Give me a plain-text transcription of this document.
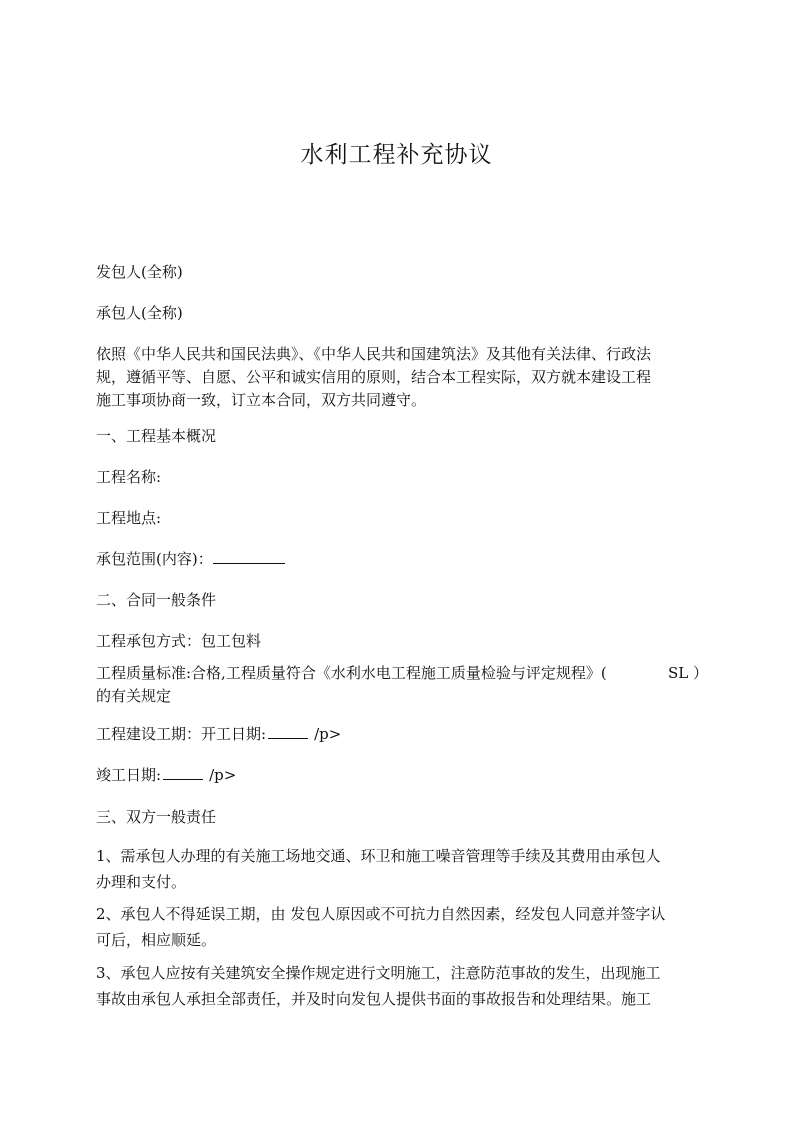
水利工程补充协议
发包人(全称)
承包人(全称)
依照《中华人民共和国民法典》、《中华人民共和国建筑法》及其他有关法律、行政法
规，遵循平等、自愿、公平和诚实信用的原则，结合本工程实际，双方就本建设工程
施工事项协商一致，订立本合同，双方共同遵守。
一、工程基本概况
工程名称:
工程地点:
承包范围(内容)：
二、合同一般条件
工程承包方式：包工包料
工程质量标准:合格,工程质量符合《水利水电工程施工质量检验与评定规程》(	SL ）
的有关规定
工程建设工期：开工日期:	/p>
竣工日期:	/p>
三、双方一般责任
1、需承包人办理的有关施工场地交通、环卫和施工噪音管理等手续及其费用由承包人
办理和支付。
2、承包人不得延误工期，由 发包人原因或不可抗力自然因素，经发包人同意并签字认
可后，相应顺延。
3、承包人应按有关建筑安全操作规定进行文明施工，注意防范事故的发生，出现施工
事故由承包人承担全部责任，并及时向发包人提供书面的事故报告和处理结果。施工
